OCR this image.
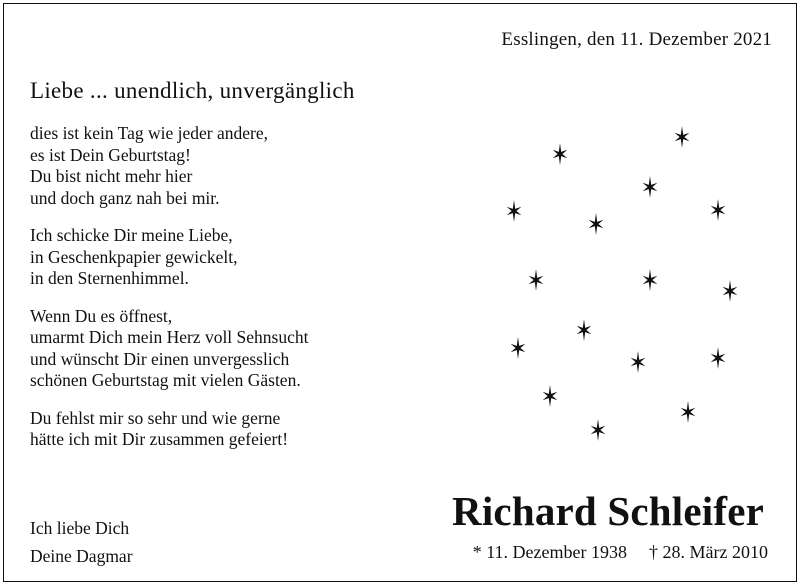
Esslingen, den 11. Dezember 2021
Liebe ... unendlich, unvergänglich
dies ist kein Tag wie jeder andere,
es ist Dein Geburtstag!
Du bist nicht mehr hier
und doch ganz nah bei mir.
Ich schicke Dir meine Liebe,
in Geschenkpapier gewickelt,
in den Sternenhimmel.
Wenn Du es öffnest,
umarmt Dich mein Herz voll Sehnsucht
und wünscht Dir einen unvergesslich
schönen Geburtstag mit vielen Gästen.
Du fehlst mir so sehr und wie gerne
hätte ich mit Dir zusammen gefeiert!
Ich liebe Dich
Deine Dagmar
Richard Schleifer
* 11. Dezember 1938 † 28. März 2010
